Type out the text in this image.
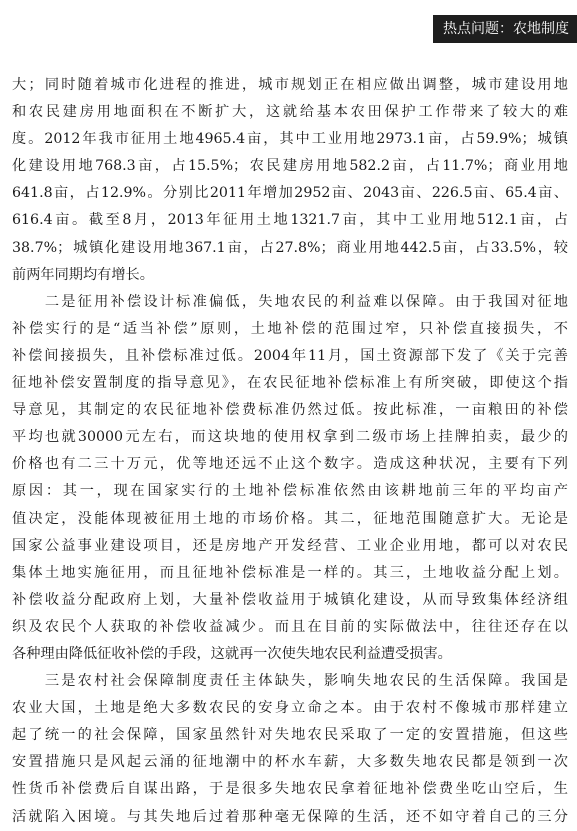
热点问题：农地制度
大；同时随着城市化进程的推进，城市规划正在相应做出调整，城市建设用地
和农民建房用地面积在不断扩大，这就给基本农田保护工作带来了较大的难
度。2012年我市征用土地4965.4亩，其中工业用地2973.1亩，占59.9%；城镇
化建设用地768.3亩，占15.5%；农民建房用地582.2亩，占11.7%；商业用地
641.8亩，占12.9%。分别比2011年增加2952亩、2043亩、226.5亩、65.4亩、
616.4亩。截至8月，2013年征用土地1321.7亩，其中工业用地512.1亩，占
38.7%；城镇化建设用地367.1亩，占27.8%；商业用地442.5亩，占33.5%，较
前两年同期均有增长。
　　二是征用补偿设计标准偏低，失地农民的利益难以保障。由于我国对征地
补偿实行的是“适当补偿”原则，土地补偿的范围过窄，只补偿直接损失，不
补偿间接损失，且补偿标准过低。2004年11月，国土资源部下发了《关于完善
征地补偿安置制度的指导意见》，在农民征地补偿标准上有所突破，即使这个指
导意见，其制定的农民征地补偿费标准仍然过低。按此标准，一亩粮田的补偿
平均也就30000元左右，而这块地的使用权拿到二级市场上挂牌拍卖，最少的
价格也有二三十万元，优等地还远不止这个数字。造成这种状况，主要有下列
原因：其一，现在国家实行的土地补偿标准依然由该耕地前三年的平均亩产
值决定，没能体现被征用土地的市场价格。其二，征地范围随意扩大。无论是
国家公益事业建设项目，还是房地产开发经营、工业企业用地，都可以对农民
集体土地实施征用，而且征地补偿标准是一样的。其三，土地收益分配上划。
补偿收益分配政府上划，大量补偿收益用于城镇化建设，从而导致集体经济组
织及农民个人获取的补偿收益减少。而且在目前的实际做法中，往往还存在以
各种理由降低征收补偿的手段，这就再一次使失地农民利益遭受损害。
　　三是农村社会保障制度责任主体缺失，影响失地农民的生活保障。我国是
农业大国，土地是绝大多数农民的安身立命之本。由于农村不像城市那样建立
起了统一的社会保障，国家虽然针对失地农民采取了一定的安置措施，但这些
安置措施只是风起云涌的征地潮中的杯水车薪，大多数失地农民都是领到一次
性货币补偿费后自谋出路，于是很多失地农民拿着征地补偿费坐吃山空后，生
活就陷入困境。与其失地后过着那种毫无保障的生活，还不如守着自己的三分
